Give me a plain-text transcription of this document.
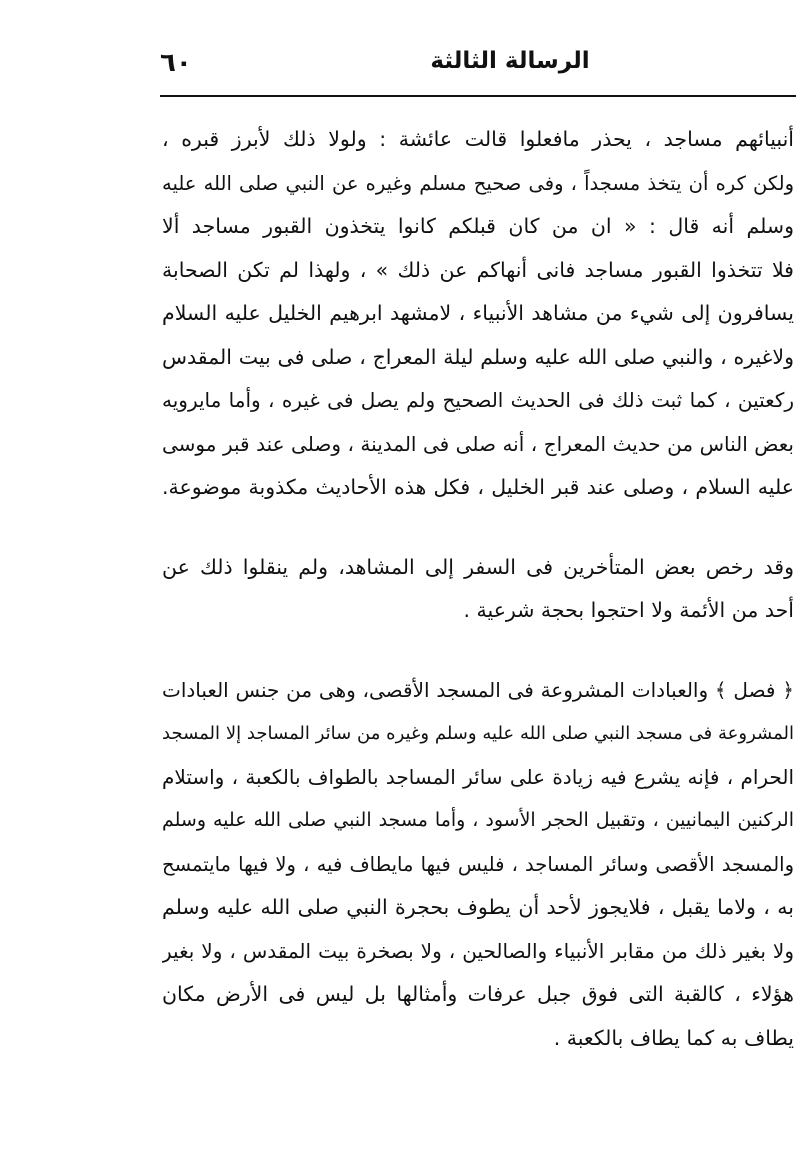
٦٠	الرسالة الثالثة
أنبيائهم مساجد ، يحذر مافعلوا قالت عائشة : ولولا ذلك لأبرز قبره ،
ولكن كره أن يتخذ مسجداً ، وفى صحيح مسلم وغيره عن النبي صلى الله عليه
وسلم أنه قال : « ان من كان قبلكم كانوا يتخذون القبور مساجد ألا
فلا تتخذوا القبور مساجد فانى أنهاكم عن ذلك » ، ولهذا لم تكن الصحابة
يسافرون إلى شيء من مشاهد الأنبياء ، لامشهد ابرهيم الخليل عليه السلام
ولاغيره ، والنبي صلى الله عليه وسلم ليلة المعراج ، صلى فى بيت المقدس
ركعتين ، كما ثبت ذلك فى الحديث الصحيح ولم يصل فى غيره ، وأما مايرويه
بعض الناس من حديث المعراج ، أنه صلى فى المدينة ، وصلى عند قبر موسى
عليه السلام ، وصلى عند قبر الخليل ، فكل هذه الأحاديث مكذوبة موضوعة.
وقد رخص بعض المتأخرين فى السفر إلى المشاهد، ولم ينقلوا ذلك عن
أحد من الأئمة ولا احتجوا بحجة شرعية .
﴿ فصل ﴾ والعبادات المشروعة فى المسجد الأقصى، وهى من جنس العبادات
المشروعة فى مسجد النبي صلى الله عليه وسلم وغيره من سائر المساجد إلا المسجد
الحرام ، فإنه يشرع فيه زيادة على سائر المساجد بالطواف بالكعبة ، واستلام
الركنين اليمانيين ، وتقبيل الحجر الأسود ، وأما مسجد النبي صلى الله عليه وسلم
والمسجد الأقصى وسائر المساجد ، فليس فيها مايطاف فيه ، ولا فيها مايتمسح
به ، ولاما يقبل ، فلايجوز لأحد أن يطوف بحجرة النبي صلى الله عليه وسلم
ولا بغير ذلك من مقابر الأنبياء والصالحين ، ولا بصخرة بيت المقدس ، ولا بغير
هؤلاء ، كالقبة التى فوق جبل عرفات وأمثالها بل ليس فى الأرض مكان
يطاف به كما يطاف بالكعبة .
